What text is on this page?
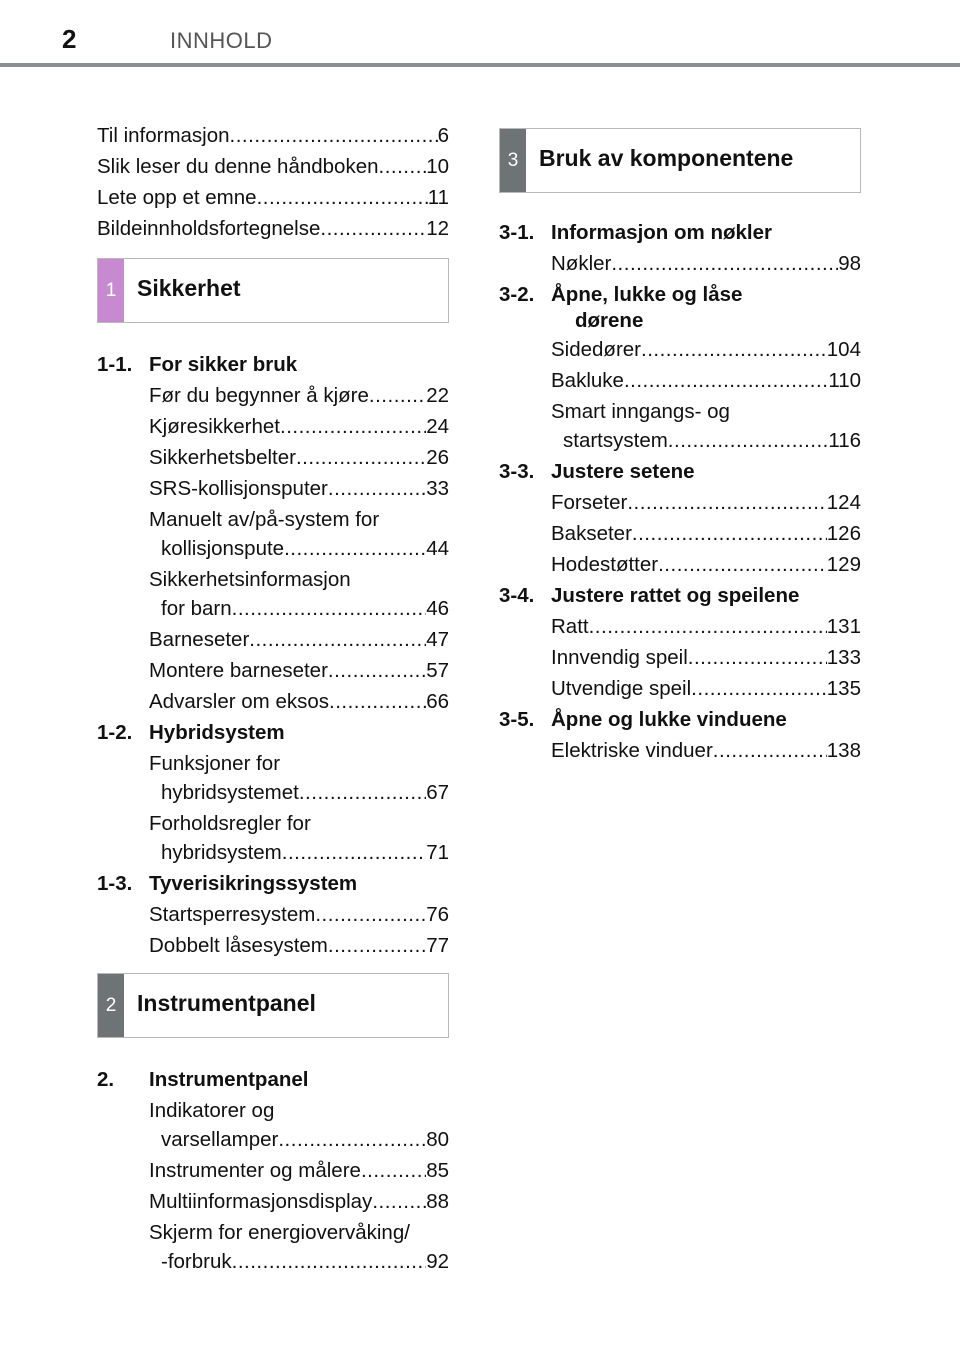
2	INNHOLD
Til informasjon .....	6
Slik leser du denne håndboken ..... 10
Lete opp et emne .....	11
Bildeinnholdsfortegnelse .....	12
1 Sikkerhet
1-1. For sikker bruk
Før du begynner å kjøre .....	22
Kjøresikkerhet .....	24
Sikkerhetsbelter .....	26
SRS-kollisjonsputer .....	33
Manuelt av/på-system for
kollisjonspute .....	44
Sikkerhetsinformasjon
for barn .....	46
Barneseter .....	47
Montere barneseter .....	57
Advarsler om eksos .....	66
1-2. Hybridsystem
Funksjoner for
hybridsystemet .....	67
Forholdsregler for
hybridsystem .....	71
1-3. Tyverisikringssystem
Startsperresystem .....	76
Dobbelt låsesystem .....	77
2 Instrumentpanel
2.	Instrumentpanel
Indikatorer og
varsellamper .....	80
Instrumenter og målere .....	85
Multiinformasjonsdisplay .....	88
Skjerm for energiovervåking/
-forbruk .....	92
3 Bruk av komponentene
3-1. Informasjon om nøkler
Nøkler .....	98
3-2. Åpne, lukke og låse
dørene
Sidedører .....	104
Bakluke .....	110
Smart inngangs- og
startsystem .....	116
3-3. Justere setene
Forseter .....	124
Bakseter .....	126
Hodestøtter .....	129
3-4. Justere rattet og speilene
Ratt .....	131
Innvendig speil .....	133
Utvendige speil .....	135
3-5. Åpne og lukke vinduene
Elektriske vinduer .....	138
